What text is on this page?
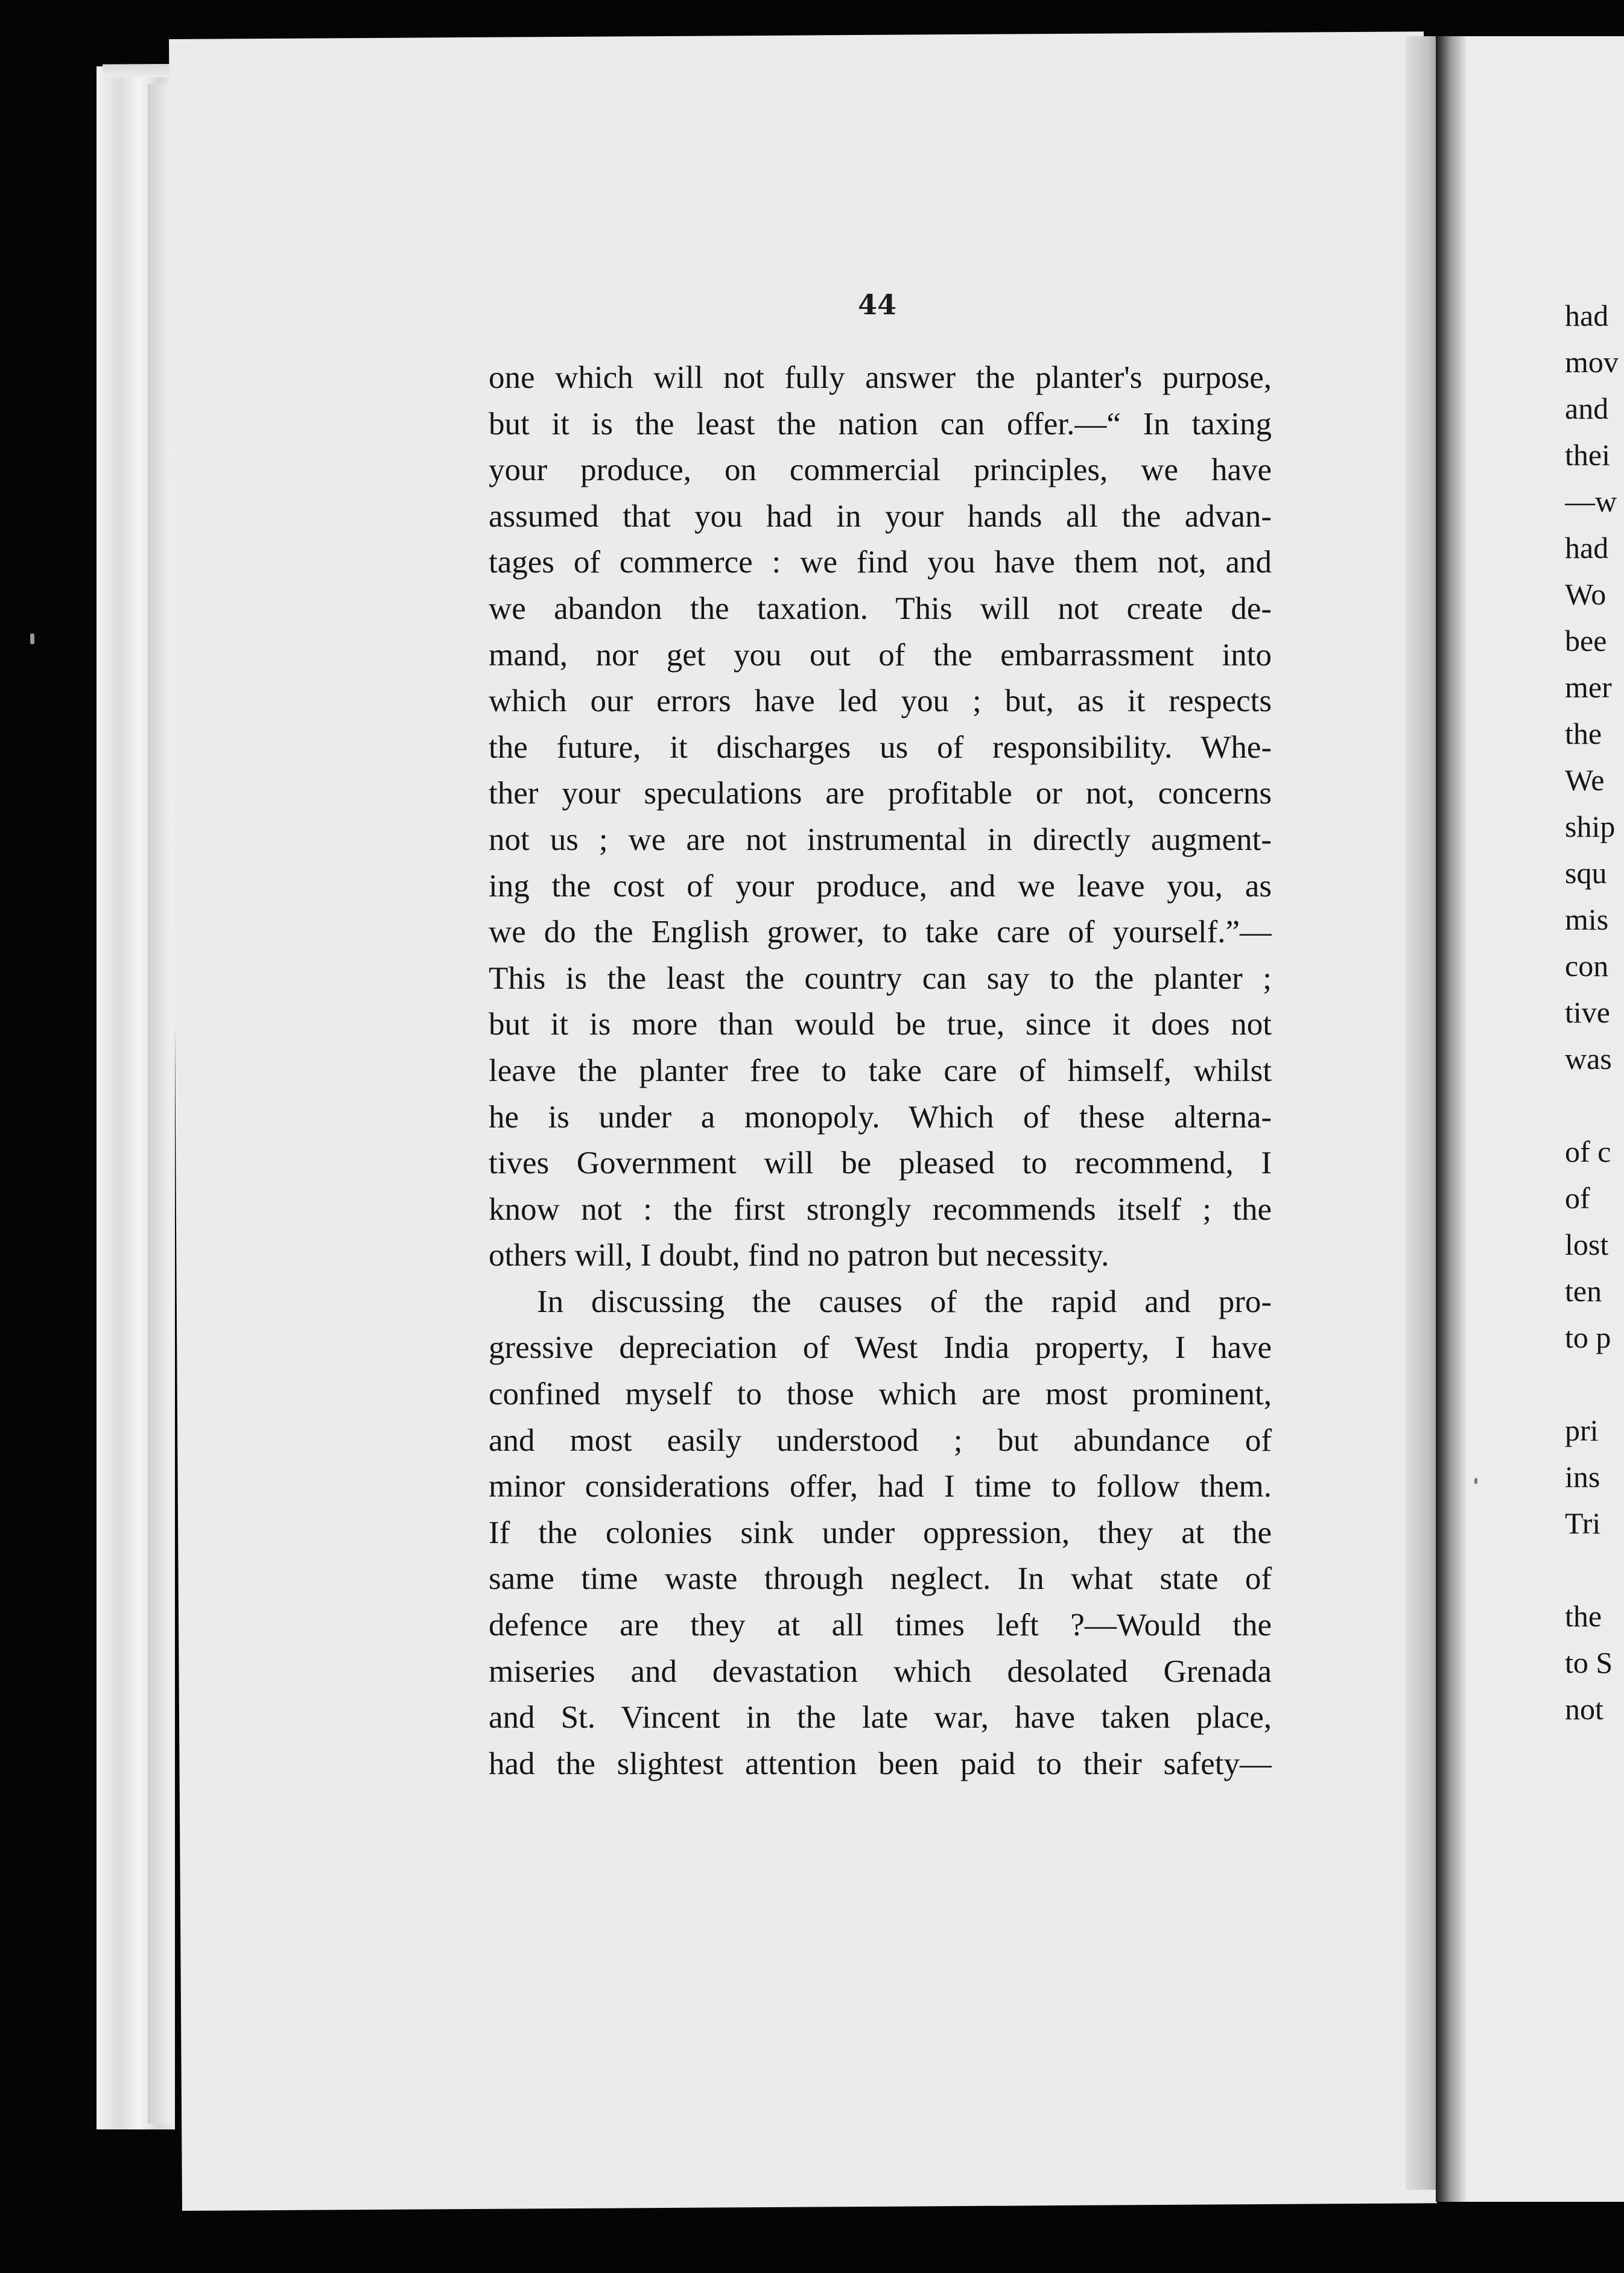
44
one which will not fully answer the planter's purpose,
but it is the least the nation can offer.—“ In taxing
your produce, on commercial principles, we have
assumed that you had in your hands all the advan-
tages of commerce : we find you have them not, and
we abandon the taxation. This will not create de-
mand, nor get you out of the embarrassment into
which our errors have led you ; but, as it respects
the future, it discharges us of responsibility. Whe-
ther your speculations are profitable or not, concerns
not us ; we are not instrumental in directly augment-
ing the cost of your produce, and we leave you, as
we do the English grower, to take care of yourself.”—
This is the least the country can say to the planter ;
but it is more than would be true, since it does not
leave the planter free to take care of himself, whilst
he is under a monopoly. Which of these alterna-
tives Government will be pleased to recommend, I
know not : the first strongly recommends itself ; the
others will, I doubt, find no patron but necessity.
In discussing the causes of the rapid and pro-
gressive depreciation of West India property, I have
confined myself to those which are most prominent,
and most easily understood ; but abundance of
minor considerations offer, had I time to follow them.
If the colonies sink under oppression, they at the
same time waste through neglect. In what state of
defence are they at all times left ?—Would the
miseries and devastation which desolated Grenada
and St. Vincent in the late war, have taken place,
had the slightest attention been paid to their safety—
had
mov
and
thei
—w
had
Wo
bee
mer
the
We
ship
squ
mis
con
tive
was
of c
of
lost
ten
to p
pri
ins
Tri
the
to S
not
